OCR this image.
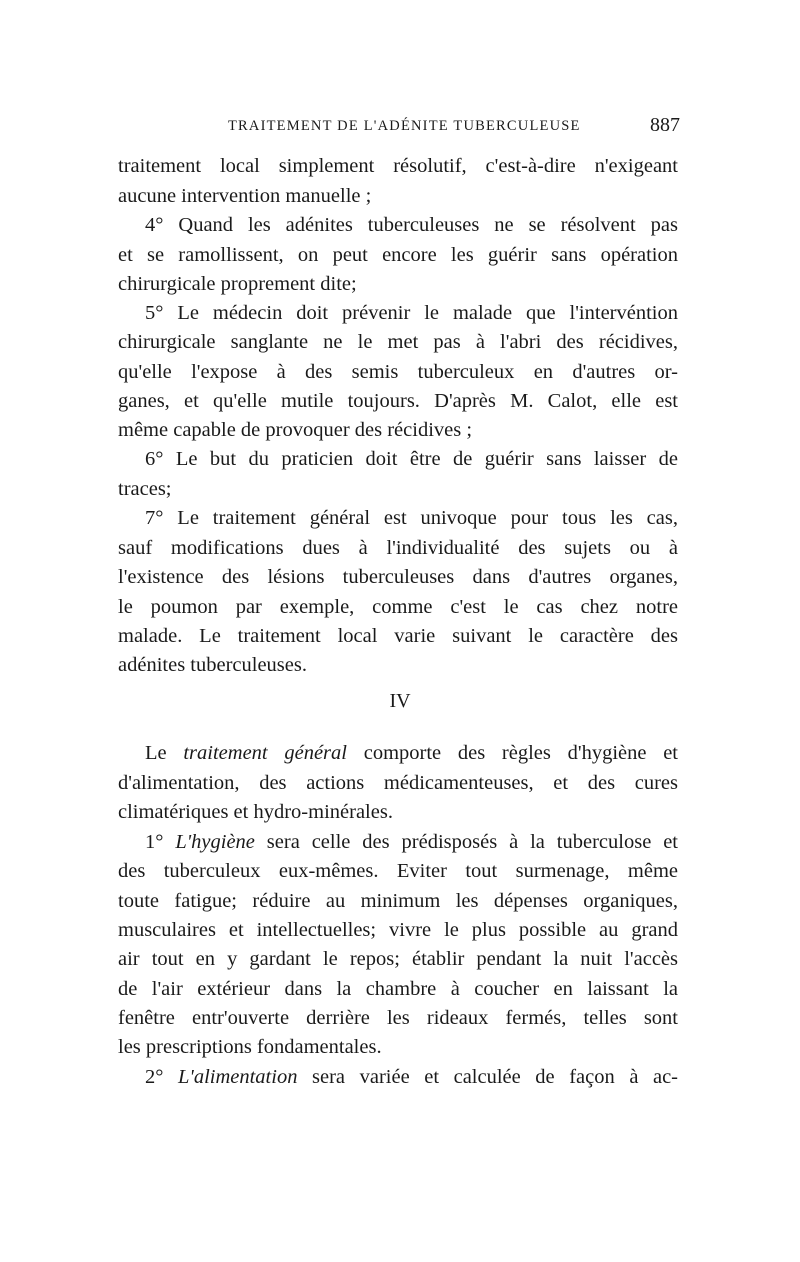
TRAITEMENT DE L'ADÉNITE TUBERCULEUSE	887
traitement local simplement résolutif, c'est-à-dire n'exigeant
aucune intervention manuelle ;
4° Quand les adénites tuberculeuses ne se résolvent pas
et se ramollissent, on peut encore les guérir sans opération
chirurgicale proprement dite;
5° Le médecin doit prévenir le malade que l'intervéntion
chirurgicale sanglante ne le met pas à l'abri des récidives,
qu'elle l'expose à des semis tuberculeux en d'autres or-
ganes, et qu'elle mutile toujours. D'après M. Calot, elle est
même capable de provoquer des récidives ;
6° Le but du praticien doit être de guérir sans laisser de
traces;
7° Le traitement général est univoque pour tous les cas,
sauf modifications dues à l'individualité des sujets ou à
l'existence des lésions tuberculeuses dans d'autres organes,
le poumon par exemple, comme c'est le cas chez notre
malade. Le traitement local varie suivant le caractère des
adénites tuberculeuses.
IV
Le traitement général comporte des règles d'hygiène et
d'alimentation, des actions médicamenteuses, et des cures
climatériques et hydro-minérales.
1° L'hygiène sera celle des prédisposés à la tuberculose et
des tuberculeux eux-mêmes. Eviter tout surmenage, même
toute fatigue; réduire au minimum les dépenses organiques,
musculaires et intellectuelles; vivre le plus possible au grand
air tout en y gardant le repos; établir pendant la nuit l'accès
de l'air extérieur dans la chambre à coucher en laissant la
fenêtre entr'ouverte derrière les rideaux fermés, telles sont
les prescriptions fondamentales.
2° L'alimentation sera variée et calculée de façon à ac-
